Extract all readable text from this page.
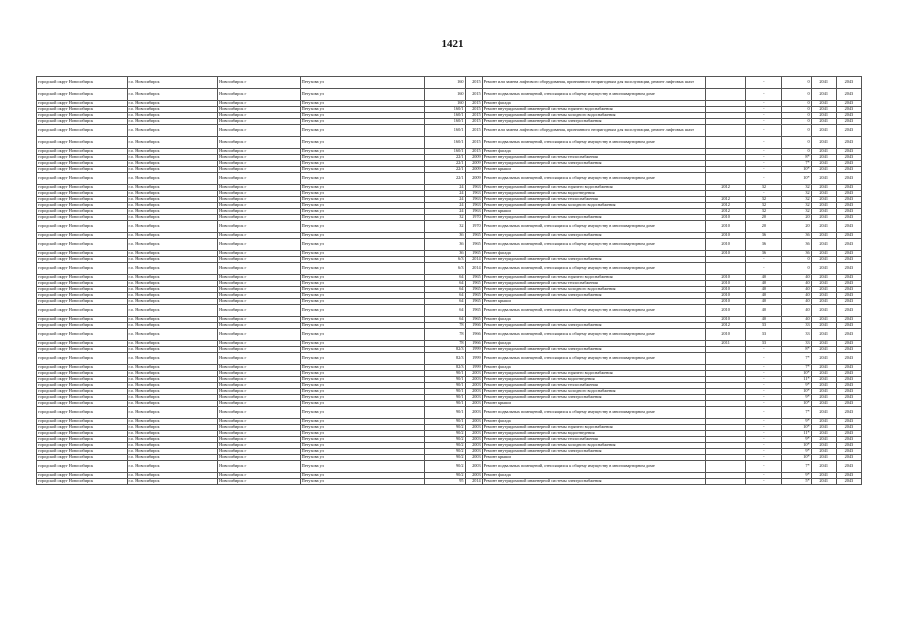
1421
городской округ Новосибирск	г.о. Новосибирск	Новосибирск г	Петухова ул	160	2015	Ремонт или замена лифтового оборудования, признанного непригодным для эксплуатации, ремонт лифтовых шахт		-	0	2041	2043
городской округ Новосибирск	г.о. Новосибирск	Новосибирск г	Петухова ул	160	2015	Ремонт подвальных помещений, относящихся к общему имуществу в многоквартирном доме		-	0	2041	2043
городской округ Новосибирск	г.о. Новосибирск	Новосибирск г	Петухова ул	160	2015	Ремонт фасада		-	0	2041	2043
городской округ Новосибирск	г.о. Новосибирск	Новосибирск г	Петухова ул	160/1	2015	Ремонт внутридомовой инженерной системы горячего водоснабжения		-	0	2041	2043
городской округ Новосибирск	г.о. Новосибирск	Новосибирск г	Петухова ул	160/1	2015	Ремонт внутридомовой инженерной системы холодного водоснабжения		-	0	2041	2043
городской округ Новосибирск	г.о. Новосибирск	Новосибирск г	Петухова ул	160/1	2015	Ремонт внутридомовой инженерной системы электроснабжения		-	0	2041	2043
городской округ Новосибирск	г.о. Новосибирск	Новосибирск г	Петухова ул	160/1	2015	Ремонт или замена лифтового оборудования, признанного непригодным для эксплуатации, ремонт лифтовых шахт		-	0	2041	2043
городской округ Новосибирск	г.о. Новосибирск	Новосибирск г	Петухова ул	160/1	2015	Ремонт подвальных помещений, относящихся к общему имуществу в многоквартирном доме		-	0	2041	2043
городской округ Новосибирск	г.о. Новосибирск	Новосибирск г	Петухова ул	160/1	2015	Ремонт фасада		-	0	2041	2043
городской округ Новосибирск	г.о. Новосибирск	Новосибирск г	Петухова ул	22/1	2009	Ремонт внутридомовой инженерной системы теплоснабжения		-	8*	2041	2043
городской округ Новосибирск	г.о. Новосибирск	Новосибирск г	Петухова ул	22/1	2009	Ремонт внутридомовой инженерной системы электроснабжения		-	7*	2041	2043
городской округ Новосибирск	г.о. Новосибирск	Новосибирск г	Петухова ул	22/1	2009	Ремонт крыши		-	10*	2041	2043
городской округ Новосибирск	г.о. Новосибирск	Новосибирск г	Петухова ул	22/1	2009	Ремонт подвальных помещений, относящихся к общему имуществу в многоквартирном доме		-	10*	2041	2043
городской округ Новосибирск	г.о. Новосибирск	Новосибирск г	Петухова ул	24	1963	Ремонт внутридомовой инженерной системы горячего водоснабжения	2012	32	32	2041	2043
городской округ Новосибирск	г.о. Новосибирск	Новосибирск г	Петухова ул	24	1963	Ремонт внутридомовой инженерной системы водоотведения		-	32	2041	2043
городской округ Новосибирск	г.о. Новосибирск	Новосибирск г	Петухова ул	24	1963	Ремонт внутридомовой инженерной системы теплоснабжения	2012	32	32	2041	2043
городской округ Новосибирск	г.о. Новосибирск	Новосибирск г	Петухова ул	24	1963	Ремонт внутридомовой инженерной системы холодного водоснабжения	2012	32	32	2041	2043
городской округ Новосибирск	г.о. Новосибирск	Новосибирск г	Петухова ул	24	1963	Ремонт крыши	2012	32	32	2041	2043
городской округ Новосибирск	г.о. Новосибирск	Новосибирск г	Петухова ул	32	1970	Ремонт внутридомовой инженерной системы электроснабжения	2010	20	20	2041	2043
городской округ Новосибирск	г.о. Новосибирск	Новосибирск г	Петухова ул	32	1970	Ремонт подвальных помещений, относящихся к общему имуществу в многоквартирном доме	2010	20	20	2041	2043
городской округ Новосибирск	г.о. Новосибирск	Новосибирск г	Петухова ул	36	1965	Ремонт внутридомовой инженерной системы электроснабжения	2010	36	36	2041	2043
городской округ Новосибирск	г.о. Новосибирск	Новосибирск г	Петухова ул	36	1965	Ремонт подвальных помещений, относящихся к общему имуществу в многоквартирном доме	2010	36	36	2041	2043
городской округ Новосибирск	г.о. Новосибирск	Новосибирск г	Петухова ул	36	1965	Ремонт фасада	2010	36	36	2041	2043
городской округ Новосибирск	г.о. Новосибирск	Новосибирск г	Петухова ул	6/3	2014	Ремонт внутридомовой инженерной системы электроснабжения		-	0	2041	2043
городской округ Новосибирск	г.о. Новосибирск	Новосибирск г	Петухова ул	6/3	2014	Ремонт подвальных помещений, относящихся к общему имуществу в многоквартирном доме		-	0	2041	2043
городской округ Новосибирск	г.о. Новосибирск	Новосибирск г	Петухова ул	64	1965	Ремонт внутридомовой инженерной системы горячего водоснабжения	2010	40	40	2041	2043
городской округ Новосибирск	г.о. Новосибирск	Новосибирск г	Петухова ул	64	1965	Ремонт внутридомовой инженерной системы теплоснабжения	2010	40	40	2041	2043
городской округ Новосибирск	г.о. Новосибирск	Новосибирск г	Петухова ул	64	1965	Ремонт внутридомовой инженерной системы холодного водоснабжения	2010	40	40	2041	2043
городской округ Новосибирск	г.о. Новосибирск	Новосибирск г	Петухова ул	64	1965	Ремонт внутридомовой инженерной системы электроснабжения	2010	40	40	2041	2043
городской округ Новосибирск	г.о. Новосибирск	Новосибирск г	Петухова ул	64	1965	Ремонт крыши	2010	40	40	2041	2043
городской округ Новосибирск	г.о. Новосибирск	Новосибирск г	Петухова ул	64	1965	Ремонт подвальных помещений, относящихся к общему имуществу в многоквартирном доме	2010	40	40	2041	2043
городской округ Новосибирск	г.о. Новосибирск	Новосибирск г	Петухова ул	64	1965	Ремонт фасада	2010	40	40	2041	2043
городской округ Новосибирск	г.о. Новосибирск	Новосибирск г	Петухова ул	78	1966	Ремонт внутридомовой инженерной системы электроснабжения	2012	33	33	2041	2043
городской округ Новосибирск	г.о. Новосибирск	Новосибирск г	Петухова ул	78	1966	Ремонт подвальных помещений, относящихся к общему имуществу в многоквартирном доме	2010	33	33	2041	2043
городской округ Новосибирск	г.о. Новосибирск	Новосибирск г	Петухова ул	78	1966	Ремонт фасада	2011	33	33	2041	2043
городской округ Новосибирск	г.о. Новосибирск	Новосибирск г	Петухова ул	82/3	1999	Ремонт внутридомовой инженерной системы электроснабжения		-	8*	2041	2043
городской округ Новосибирск	г.о. Новосибирск	Новосибирск г	Петухова ул	82/3	1999	Ремонт подвальных помещений, относящихся к общему имуществу в многоквартирном доме		-	7*	2041	2043
городской округ Новосибирск	г.о. Новосибирск	Новосибирск г	Петухова ул	82/3	1999	Ремонт фасада		-	7*	2041	2043
городской округ Новосибирск	г.о. Новосибирск	Новосибирск г	Петухова ул	90/1	2003	Ремонт внутридомовой инженерной системы горячего водоснабжения		-	10*	2041	2043
городской округ Новосибирск	г.о. Новосибирск	Новосибирск г	Петухова ул	90/1	2003	Ремонт внутридомовой инженерной системы водоотведения		-	11*	2041	2043
городской округ Новосибирск	г.о. Новосибирск	Новосибирск г	Петухова ул	90/1	2003	Ремонт внутридомовой инженерной системы теплоснабжения		-	9*	2041	2043
городской округ Новосибирск	г.о. Новосибирск	Новосибирск г	Петухова ул	90/1	2003	Ремонт внутридомовой инженерной системы холодного водоснабжения		-	10*	2041	2043
городской округ Новосибирск	г.о. Новосибирск	Новосибирск г	Петухова ул	90/1	2003	Ремонт внутридомовой инженерной системы электроснабжения		-	9*	2041	2043
городской округ Новосибирск	г.о. Новосибирск	Новосибирск г	Петухова ул	90/1	2003	Ремонт крыши		-	10*	2041	2043
городской округ Новосибирск	г.о. Новосибирск	Новосибирск г	Петухова ул	90/1	2003	Ремонт подвальных помещений, относящихся к общему имуществу в многоквартирном доме		-	7*	2041	2043
городской округ Новосибирск	г.о. Новосибирск	Новосибирск г	Петухова ул	90/1	2003	Ремонт фасада		-	9*	2041	2043
городской округ Новосибирск	г.о. Новосибирск	Новосибирск г	Петухова ул	90/2	2003	Ремонт внутридомовой инженерной системы горячего водоснабжения		-	10*	2041	2043
городской округ Новосибирск	г.о. Новосибирск	Новосибирск г	Петухова ул	90/2	2003	Ремонт внутридомовой инженерной системы водоотведения		-	11*	2041	2043
городской округ Новосибирск	г.о. Новосибирск	Новосибирск г	Петухова ул	90/2	2003	Ремонт внутридомовой инженерной системы теплоснабжения		-	9*	2041	2043
городской округ Новосибирск	г.о. Новосибирск	Новосибирск г	Петухова ул	90/2	2003	Ремонт внутридомовой инженерной системы холодного водоснабжения		-	10*	2041	2043
городской округ Новосибирск	г.о. Новосибирск	Новосибирск г	Петухова ул	90/2	2003	Ремонт внутридомовой инженерной системы электроснабжения		-	9*	2041	2043
городской округ Новосибирск	г.о. Новосибирск	Новосибирск г	Петухова ул	90/2	2003	Ремонт крыши		-	10*	2041	2043
городской округ Новосибирск	г.о. Новосибирск	Новосибирск г	Петухова ул	90/2	2003	Ремонт подвальных помещений, относящихся к общему имуществу в многоквартирном доме		-	7*	2041	2043
городской округ Новосибирск	г.о. Новосибирск	Новосибирск г	Петухова ул	90/2	2003	Ремонт фасада		-	9*	2041	2043
городской округ Новосибирск	г.о. Новосибирск	Новосибирск г	Петухова ул	95	2014	Ремонт внутридомовой инженерной системы электроснабжения		-	5*	2041	2043
